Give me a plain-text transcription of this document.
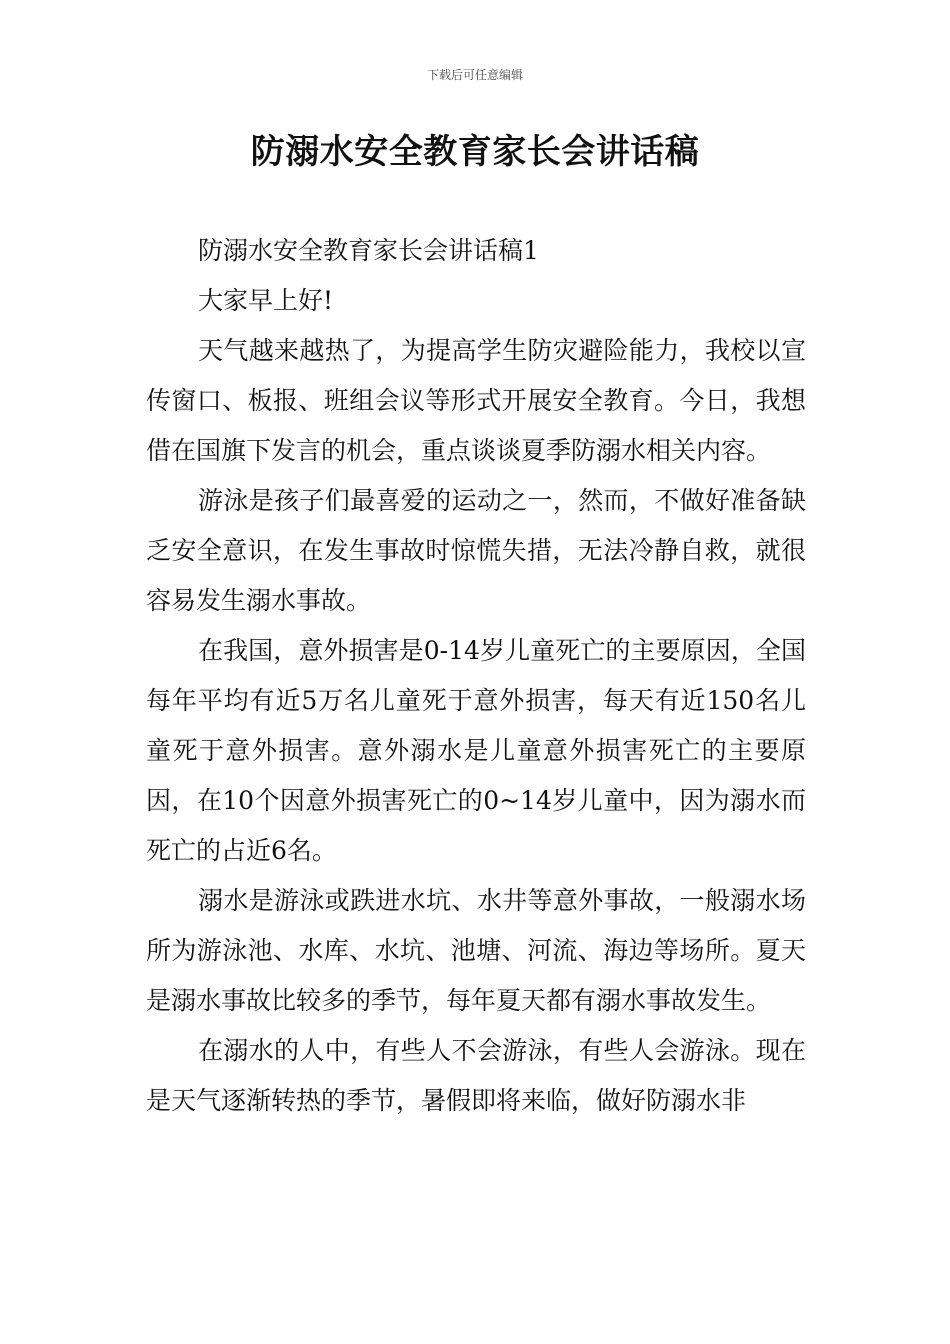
下载后可任意编辑
防溺水安全教育家长会讲话稿

防溺水安全教育家长会讲话稿1

大家早上好!

天气越来越热了，为提高学生防灾避险能力，我校以宣传窗口、板报、班组会议等形式开展安全教育。今日，我想借在国旗下发言的机会，重点谈谈夏季防溺水相关内容。

游泳是孩子们最喜爱的运动之一，然而，不做好准备缺乏安全意识，在发生事故时惊慌失措，无法冷静自救，就很容易发生溺水事故。

在我国，意外损害是0-14岁儿童死亡的主要原因，全国每年平均有近5万名儿童死于意外损害，每天有近150名儿童死于意外损害。意外溺水是儿童意外损害死亡的主要原因，在10个因意外损害死亡的0~14岁儿童中，因为溺水而死亡的占近6名。

溺水是游泳或跌进水坑、水井等意外事故，一般溺水场所为游泳池、水库、水坑、池塘、河流、海边等场所。夏天是溺水事故比较多的季节，每年夏天都有溺水事故发生。

在溺水的人中，有些人不会游泳，有些人会游泳。现在是天气逐渐转热的季节，暑假即将来临，做好防溺水非
